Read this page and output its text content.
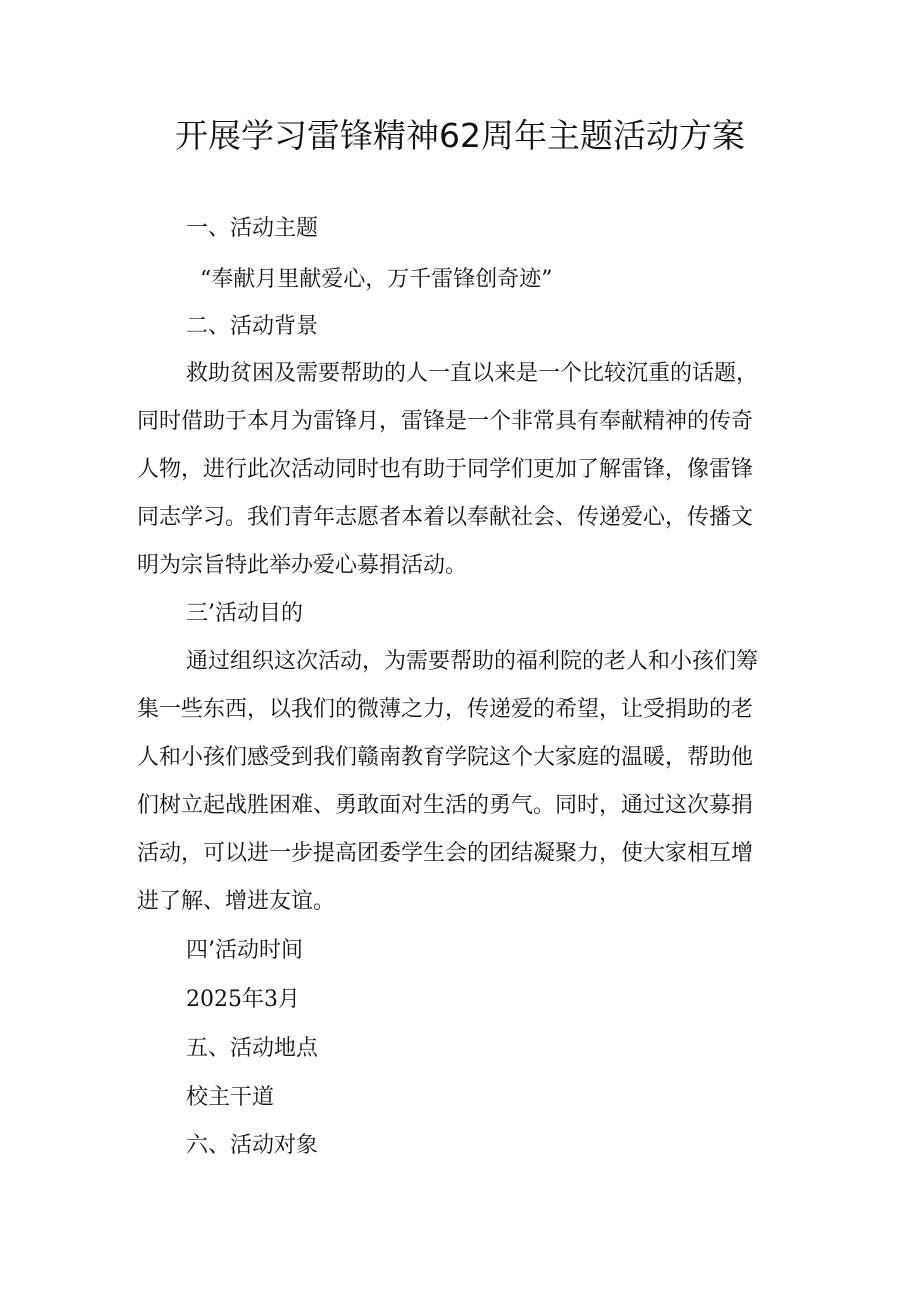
开展学习雷锋精神62周年主题活动方案

一、活动主题

“奉献月里献爱心，万千雷锋创奇迹”

二、活动背景

救助贫困及需要帮助的人一直以来是一个比较沉重的话题，

同时借助于本月为雷锋月，雷锋是一个非常具有奉献精神的传奇

人物，进行此次活动同时也有助于同学们更加了解雷锋，像雷锋

同志学习。我们青年志愿者本着以奉献社会、传递爱心，传播文

明为宗旨特此举办爱心募捐活动。

三’活动目的

通过组织这次活动，为需要帮助的福利院的老人和小孩们筹

集一些东西，以我们的微薄之力，传递爱的希望，让受捐助的老

人和小孩们感受到我们赣南教育学院这个大家庭的温暖，帮助他

们树立起战胜困难、勇敢面对生活的勇气。同时，通过这次募捐

活动，可以进一步提高团委学生会的团结凝聚力，使大家相互增

进了解、增进友谊。

四’活动时间

2025年3月

五、活动地点

校主干道

六、活动对象
